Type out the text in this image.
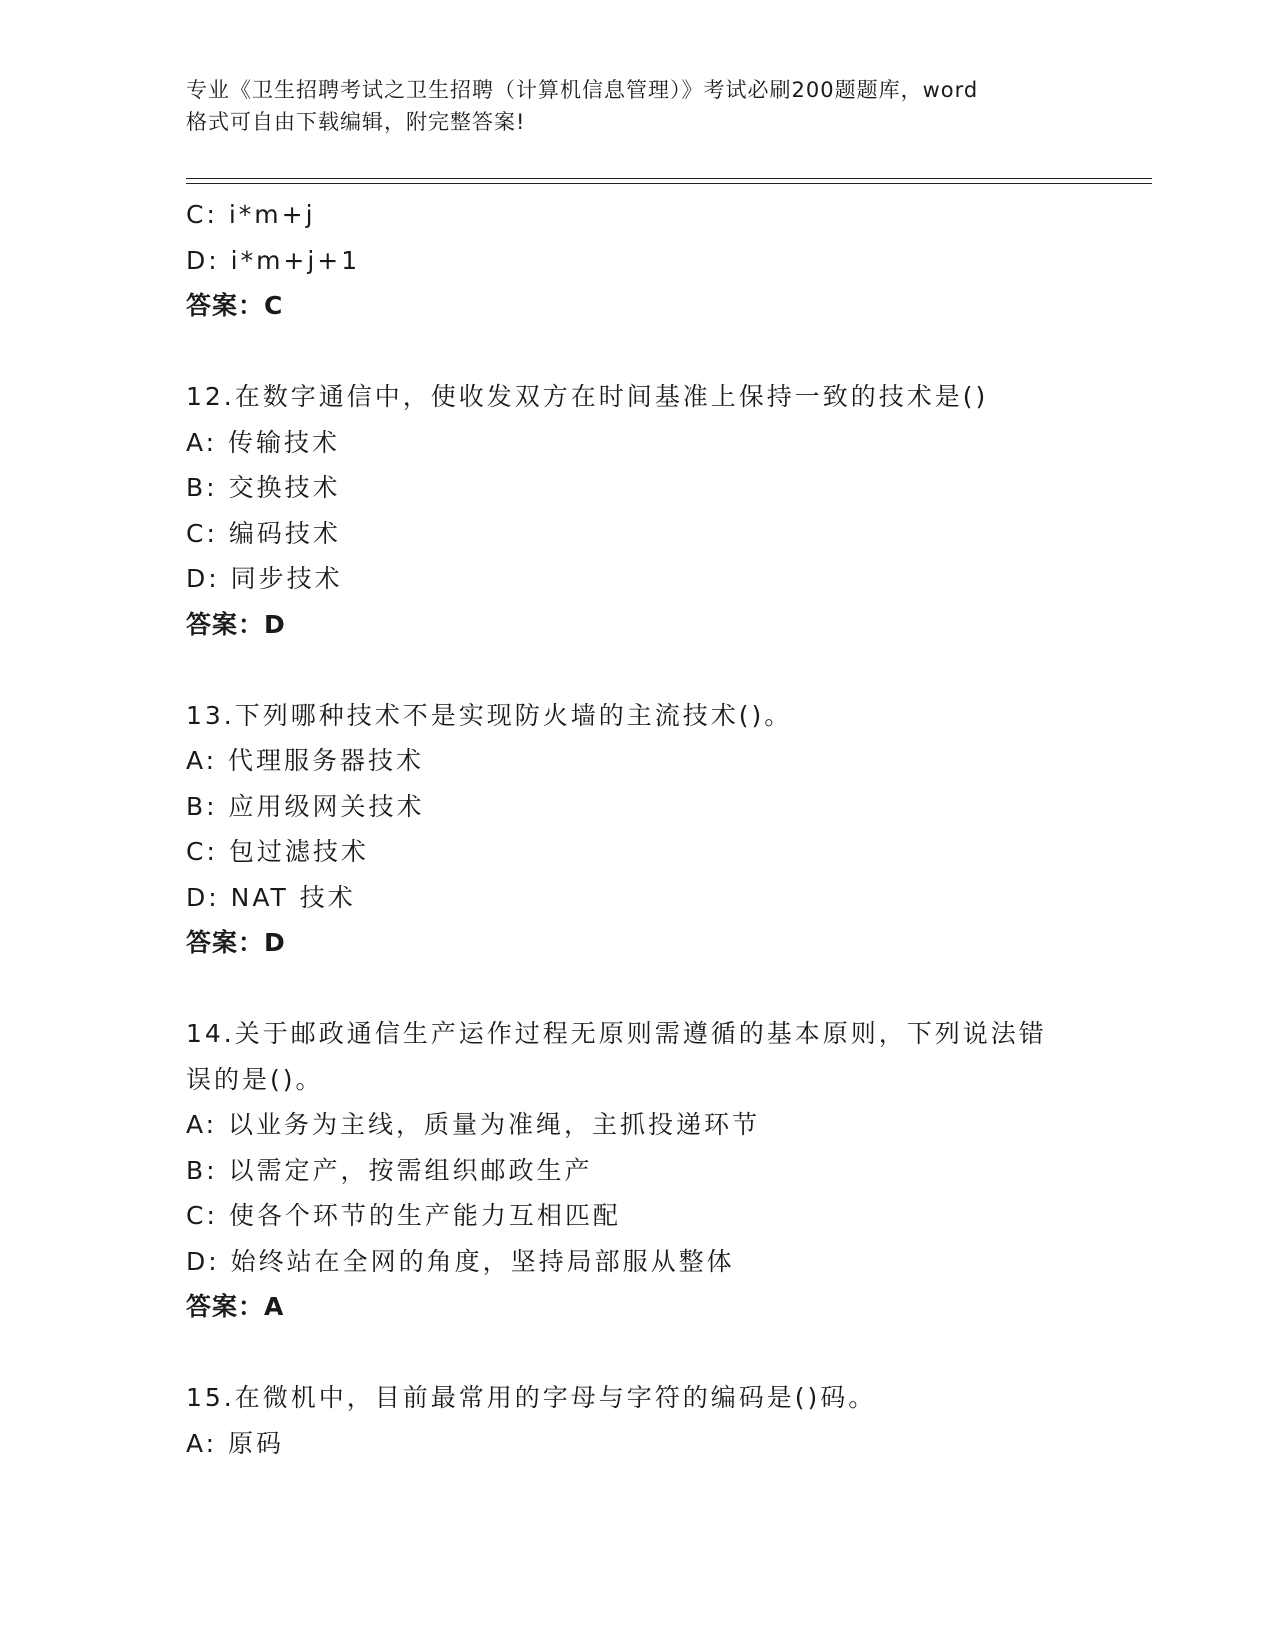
专业《卫生招聘考试之卫生招聘（计算机信息管理）》考试必刷200题题库，word
格式可自由下载编辑，附完整答案!
C: i*m+j
D: i*m+j+1
答案：C
12.在数字通信中，使收发双方在时间基准上保持一致的技术是()
A: 传输技术
B: 交换技术
C: 编码技术
D: 同步技术
答案：D
13.下列哪种技术不是实现防火墙的主流技术()。
A: 代理服务器技术
B: 应用级网关技术
C: 包过滤技术
D: NAT 技术
答案：D
14.关于邮政通信生产运作过程无原则需遵循的基本原则，下列说法错
误的是()。
A: 以业务为主线，质量为准绳，主抓投递环节
B: 以需定产，按需组织邮政生产
C: 使各个环节的生产能力互相匹配
D: 始终站在全网的角度，坚持局部服从整体
答案：A
15.在微机中，目前最常用的字母与字符的编码是()码。
A: 原码
